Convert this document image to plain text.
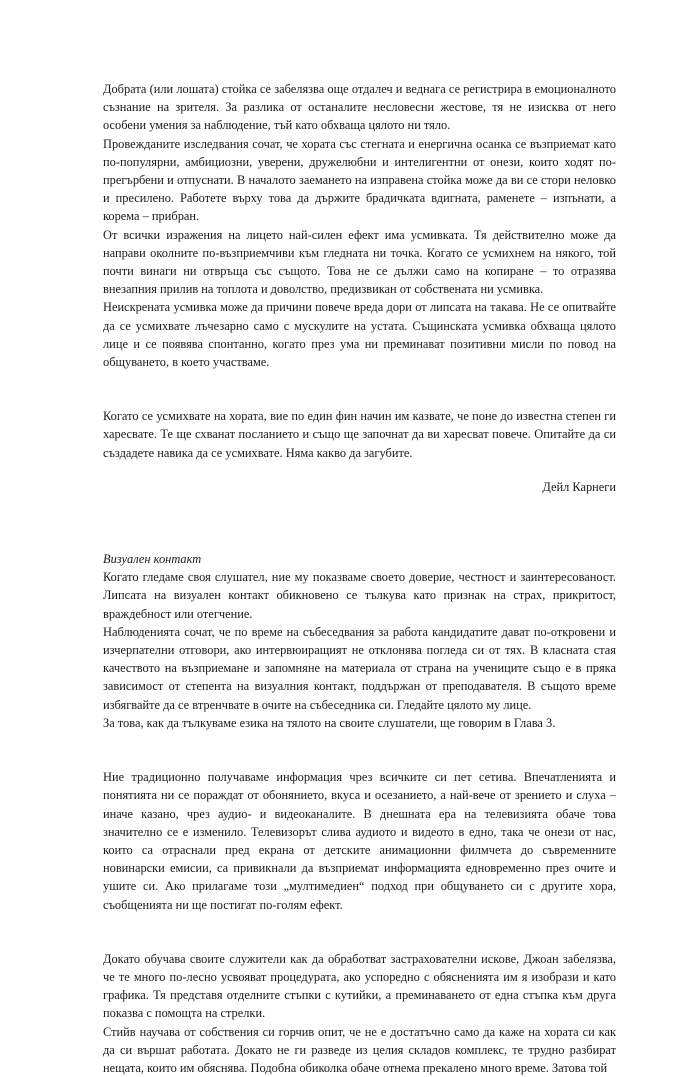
Добрата (или лошата) стойка се забелязва още отдалеч и веднага се регистрира в емоционалното съзнание на зрителя. За разлика от останалите несловесни жестове, тя не изисква от него особени умения за наблюдение, тъй като обхваща цялото ни тяло.

Провежданите изследвания сочат, че хората със стегната и енергична осанка се възприемат като по-популярни, амбициозни, уверени, дружелюбни и интелигентни от онези, които ходят по-прегърбени и отпуснати. В началото заемането на изправена стойка може да ви се стори неловко и пресилено. Работете върху това да държите брадичката вдигната, раменете – изпънати, а корема – прибран.

От всички изражения на лицето най-силен ефект има усмивката. Тя действително може да направи околните по-възприемчиви към гледната ни точка. Когато се усмихнем на някого, той почти винаги ни отвръща със същото. Това не се дължи само на копиране – то отразява внезапния прилив на топлота и доволство, предизвикан от собствената ни усмивка.

Неискрената усмивка може да причини повече вреда дори от липсата на такава. Не се опитвайте да се усмихвате лъчезарно само с мускулите на устата. Същинската усмивка обхваща цялото лице и се появява спонтанно, когато през ума ни преминават позитивни мисли по повод на общуването, в което участваме.

Когато се усмихвате на хората, вие по един фин начин им казвате, че поне до известна степен ги харесвате. Те ще схванат посланието и също ще започнат да ви харесват повече. Опитайте да си създадете навика да се усмихвате. Няма какво да загубите.

Дейл Карнеги

Визуален контакт

Когато гледаме своя слушател, ние му показваме своето доверие, честност и заинтересованост. Липсата на визуален контакт обикновено се тълкува като признак на страх, прикритост, враждебност или отегчение.

Наблюденията сочат, че по време на събеседвания за работа кандидатите дават по-откровени и изчерпателни отговори, ако интервюиращият не отклонява погледа си от тях. В класната стая качеството на възприемане и запомняне на материала от страна на учениците също е в пряка зависимост от степента на визуалния контакт, поддържан от преподавателя. В същото време избягвайте да се втренчвате в очите на събеседника си. Гледайте цялото му лице.

За това, как да тълкуваме езика на тялото на своите слушатели, ще говорим в Глава 3.

Ние традиционно получаваме информация чрез всичките си пет сетива. Впечатленията и понятията ни се пораждат от обонянието, вкуса и осезанието, а най-вече от зрението и слуха – иначе казано, чрез аудио- и видеоканалите. В днешната ера на телевизията обаче това значително се е изменило. Телевизорът слива аудиото и видеото в едно, така че онези от нас, които са отраснали пред екрана от детските анимационни филмчета до съвременните новинарски емисии, са привикнали да възприемат информацията едновременно през очите и ушите си. Ако прилагаме този „мултимедиен“ подход при общуването си с другите хора, съобщенията ни ще постигат по-голям ефект.

Докато обучава своите служители как да обработват застрахователни искове, Джоан забелязва, че те много по-лесно усвояват процедурата, ако успоредно с обясненията им я изобрази и като графика. Тя представя отделните стъпки с кутийки, а преминаването от една стъпка към друга показва с помощта на стрелки.

Стийв научава от собствения си горчив опит, че не е достатъчно само да каже на хората си как да си вършат работата. Докато не ги разведе из целия складов комплекс, те трудно разбират нещата, които им обяснява. Подобна обиколка обаче отнема прекалено много време. Затова той
